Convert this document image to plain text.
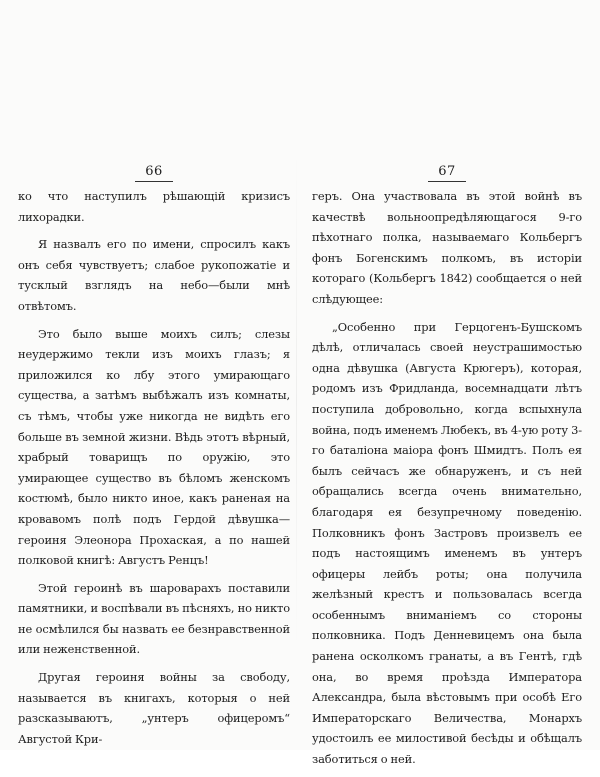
66

ко что наступилъ рѣшающій кризисъ лихорадки.

Я назвалъ его по имени, спросилъ какъ онъ себя чувствуетъ; слабое рукопожатіе и тусклый взглядъ на небо—были мнѣ отвѣтомъ.

Это было выше моихъ силъ; слезы неудержимо текли изъ моихъ глазъ; я приложился ко лбу этого умирающаго существа, а затѣмъ выбѣжалъ изъ комнаты, съ тѣмъ, чтобы уже никогда не видѣть его больше въ земной жизни. Вѣдь этотъ вѣрный, храбрый товарищъ по оружію, это умирающее существо въ бѣломъ женскомъ костюмѣ, было никто иное, какъ раненая на кровавомъ полѣ подъ Гердой дѣвушка—героиня Элеонора Прохаская, а по нашей полковой книгѣ: Августъ Ренцъ!

Этой героинѣ въ шароварахъ поставили памятники, и воспѣвали въ пѣсняхъ, но никто не осмѣлился бы назвать ее безнравственной или неженственной.

Другая героиня войны за свободу, называется въ книгахъ, которыя о ней разсказываютъ, „унтеръ офицеромъ“ Августой Кри-

67

геръ. Она участвовала въ этой войнѣ въ качествѣ вольноопредѣляющагося 9-го пѣхотнаго полка, называемаго Кольбергъ фонъ Богенскимъ полкомъ, въ исторіи котораго (Кольбергъ 1842) сообщается о ней слѣдующее:

„Особенно при Герцогенъ-Бушскомъ дѣлѣ, отличалась своей неустрашимостью одна дѣвушка (Августа Крюгеръ), которая, родомъ изъ Фридланда, восемнадцати лѣтъ поступила добровольно, когда вспыхнула война, подъ именемъ Любекъ, въ 4-ую роту 3-го баталіона маіора фонъ Шмидтъ. Полъ ея былъ сейчасъ же обнаруженъ, и съ ней обращались всегда очень внимательно, благодаря ея безупречному поведенію. Полковникъ фонъ Застровъ произвелъ ее подъ настоящимъ именемъ въ унтеръ офицеры лейбъ роты; она получила желѣзный крестъ и пользовалась всегда особеннымъ вниманіемъ со стороны полковника. Подъ Денневицемъ она была ранена осколкомъ гранаты, а въ Гентѣ, гдѣ она, во время проѣзда Императора Александра, была вѣстовымъ при особѣ Его Императорскаго Величества, Монархъ удостоилъ ее милостивой бесѣды и обѣщалъ заботиться о ней.
